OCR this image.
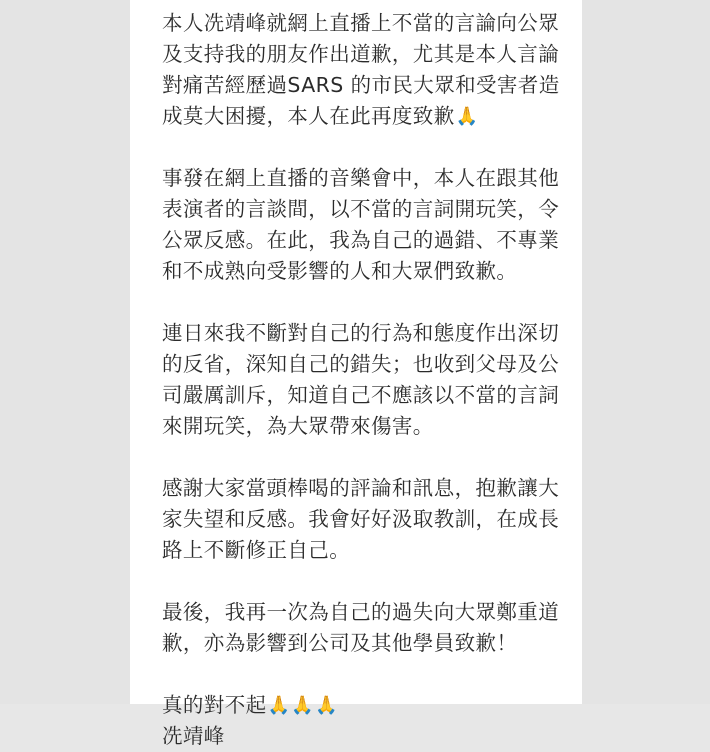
本人冼靖峰就網上直播上不當的言論向公眾
及支持我的朋友作出道歉，尤其是本人言論
對痛苦經歷過SARS 的市民大眾和受害者造
成莫大困擾，本人在此再度致歉🙏
事發在網上直播的音樂會中，本人在跟其他
表演者的言談間，以不當的言詞開玩笑，令
公眾反感。在此，我為自己的過錯、不專業
和不成熟向受影響的人和大眾們致歉。
連日來我不斷對自己的行為和態度作出深切
的反省，深知自己的錯失；也收到父母及公
司嚴厲訓斥，知道自己不應該以不當的言詞
來開玩笑，為大眾帶來傷害。
感謝大家當頭棒喝的評論和訊息，抱歉讓大
家失望和反感。我會好好汲取教訓，在成長
路上不斷修正自己。
最後，我再一次為自己的過失向大眾鄭重道
歉，亦為影響到公司及其他學員致歉！
真的對不起🙏🙏🙏
冼靖峰
